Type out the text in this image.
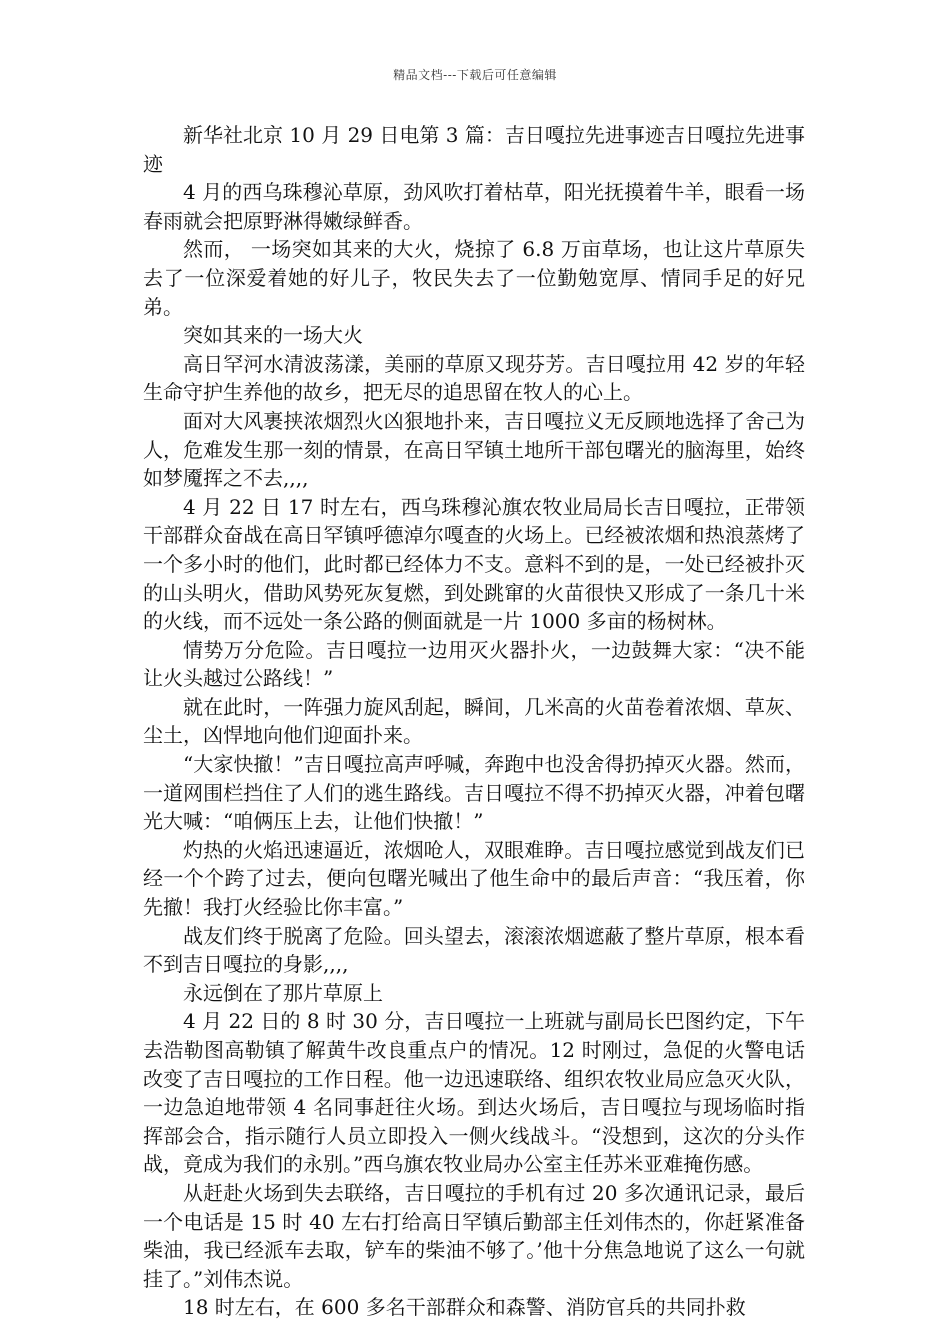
精品文档---下载后可任意编辑

新华社北京 10 月 29 日电第 3 篇：吉日嘎拉先进事迹吉日嘎拉先进事迹

4 月的西乌珠穆沁草原，劲风吹打着枯草，阳光抚摸着牛羊，眼看一场春雨就会把原野淋得嫩绿鲜香。

然而， 一场突如其来的大火，烧掠了 6.8 万亩草场，也让这片草原失去了一位深爱着她的好儿子，牧民失去了一位勤勉宽厚、情同手足的好兄弟。

突如其来的一场大火

高日罕河水清波荡漾，美丽的草原又现芬芳。吉日嘎拉用 42 岁的年轻生命守护生养他的故乡，把无尽的追思留在牧人的心上。

面对大风裹挟浓烟烈火凶狠地扑来，吉日嘎拉义无反顾地选择了舍己为人，危难发生那一刻的情景，在高日罕镇土地所干部包曙光的脑海里，始终如梦魇挥之不去,,,,

4 月 22 日 17 时左右，西乌珠穆沁旗农牧业局局长吉日嘎拉，正带领干部群众奋战在高日罕镇呼德淖尔嘎查的火场上。已经被浓烟和热浪蒸烤了一个多小时的他们，此时都已经体力不支。意料不到的是，一处已经被扑灭的山头明火，借助风势死灰复燃，到处跳窜的火苗很快又形成了一条几十米的火线，而不远处一条公路的侧面就是一片 1000 多亩的杨树林。

情势万分危险。吉日嘎拉一边用灭火器扑火，一边鼓舞大家：“决不能让火头越过公路线！”

就在此时，一阵强力旋风刮起，瞬间，几米高的火苗卷着浓烟、草灰、尘土，凶悍地向他们迎面扑来。

“大家快撤！”吉日嘎拉高声呼喊，奔跑中也没舍得扔掉灭火器。然而，一道网围栏挡住了人们的逃生路线。吉日嘎拉不得不扔掉灭火器，冲着包曙光大喊：“咱俩压上去，让他们快撤！”

灼热的火焰迅速逼近，浓烟呛人，双眼难睁。吉日嘎拉感觉到战友们已经一个个跨了过去，便向包曙光喊出了他生命中的最后声音：“我压着，你先撤！我打火经验比你丰富。”

战友们终于脱离了危险。回头望去，滚滚浓烟遮蔽了整片草原，根本看不到吉日嘎拉的身影,,,,

永远倒在了那片草原上

4 月 22 日的 8 时 30 分，吉日嘎拉一上班就与副局长巴图约定，下午去浩勒图高勒镇了解黄牛改良重点户的情况。12 时刚过，急促的火警电话改变了吉日嘎拉的工作日程。他一边迅速联络、组织农牧业局应急灭火队，一边急迫地带领 4 名同事赶往火场。到达火场后，吉日嘎拉与现场临时指挥部会合，指示随行人员立即投入一侧火线战斗。“没想到，这次的分头作战，竟成为我们的永别。”西乌旗农牧业局办公室主任苏米亚难掩伤感。

从赶赴火场到失去联络，吉日嘎拉的手机有过 20 多次通讯记录，最后一个电话是 15 时 40 左右打给高日罕镇后勤部主任刘伟杰的，你赶紧准备柴油，我已经派车去取，铲车的柴油不够了。’他十分焦急地说了这么一句就挂了。”刘伟杰说。

18 时左右，在 600 多名干部群众和森警、消防官兵的共同扑救
